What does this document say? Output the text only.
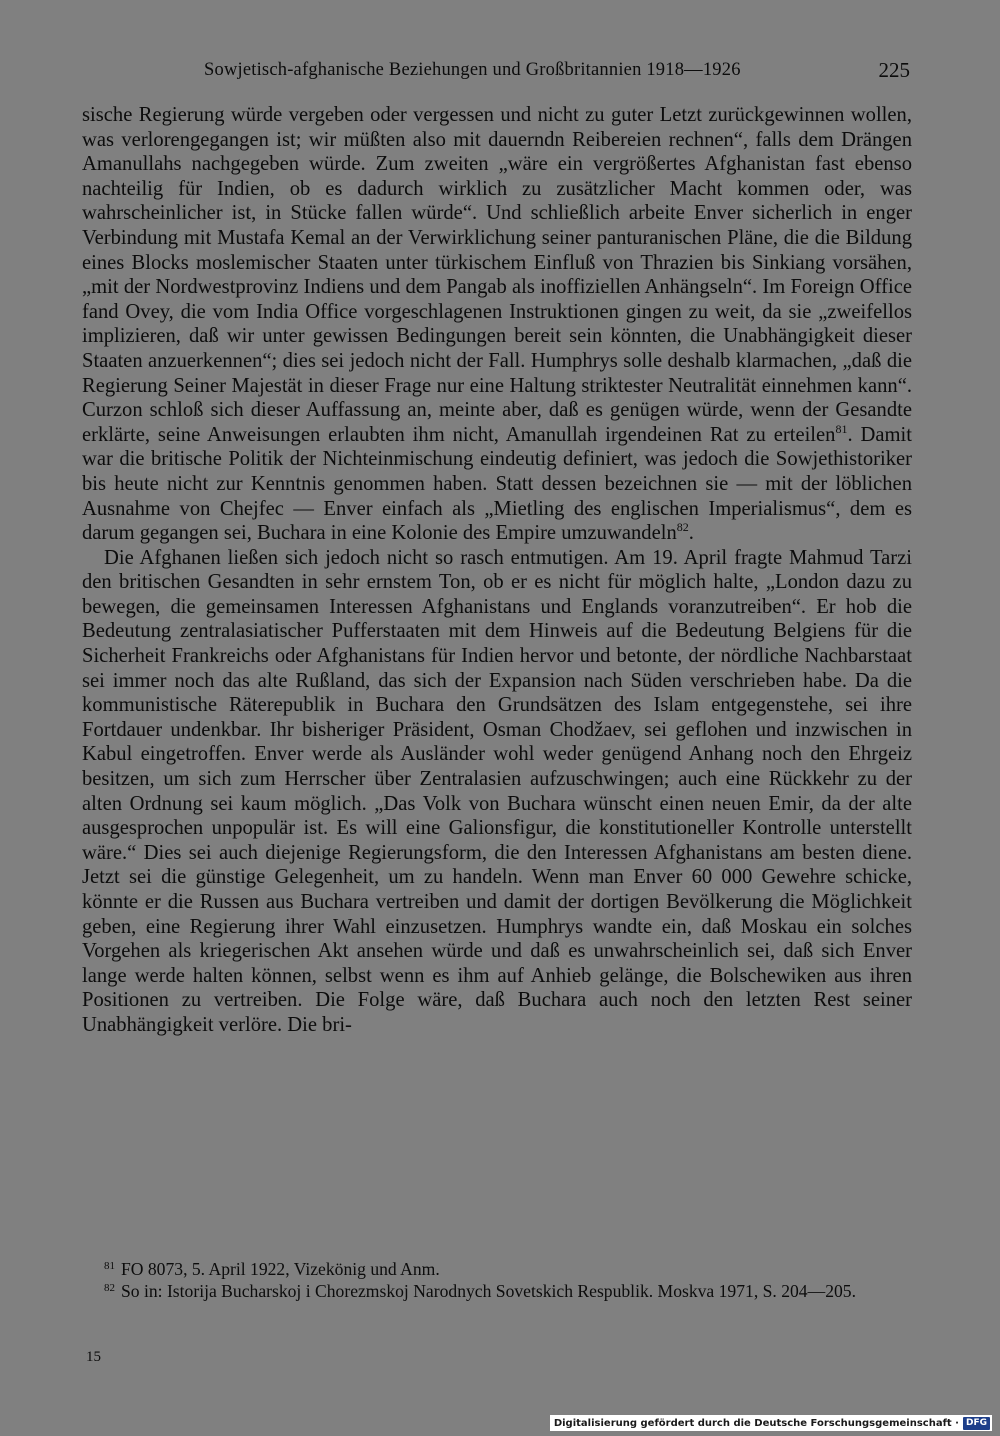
Sowjetisch-afghanische Beziehungen und Großbritannien 1918—1926	225

sische Regierung würde vergeben oder vergessen und nicht zu guter Letzt zurückgewinnen wollen, was verlorengegangen ist; wir müßten also mit dauerndn Reibereien rechnen“, falls dem Drängen Amanullahs nachgegeben würde. Zum zweiten „wäre ein vergrößertes Afghanistan fast ebenso nachteilig für Indien, ob es dadurch wirklich zu zusätzlicher Macht kommen oder, was wahrscheinlicher ist, in Stücke fallen würde“. Und schließlich arbeite Enver sicherlich in enger Verbindung mit Mustafa Kemal an der Verwirklichung seiner panturanischen Pläne, die die Bildung eines Blocks moslemischer Staaten unter türkischem Einfluß von Thrazien bis Sinkiang vorsähen, „mit der Nordwestprovinz Indiens und dem Pangab als inoffiziellen Anhängseln“. Im Foreign Office fand Ovey, die vom India Office vorgeschlagenen Instruktionen gingen zu weit, da sie „zweifellos implizieren, daß wir unter gewissen Bedingungen bereit sein könnten, die Unabhängigkeit dieser Staaten anzuerkennen“; dies sei jedoch nicht der Fall. Humphrys solle deshalb klarmachen, „daß die Regierung Seiner Majestät in dieser Frage nur eine Haltung striktester Neutralität einnehmen kann“. Curzon schloß sich dieser Auffassung an, meinte aber, daß es genügen würde, wenn der Gesandte erklärte, seine Anweisungen erlaubten ihm nicht, Amanullah irgendeinen Rat zu erteilen$^{81}$. Damit war die britische Politik der Nichteinmischung eindeutig definiert, was jedoch die Sowjethistoriker bis heute nicht zur Kenntnis genommen haben. Statt dessen bezeichnen sie — mit der löblichen Ausnahme von Chejfec — Enver einfach als „Mietling des englischen Imperialismus“, dem es darum gegangen sei, Buchara in eine Kolonie des Empire umzuwandeln$^{82}$.

Die Afghanen ließen sich jedoch nicht so rasch entmutigen. Am 19. April fragte Mahmud Tarzi den britischen Gesandten in sehr ernstem Ton, ob er es nicht für möglich halte, „London dazu zu bewegen, die gemeinsamen Interessen Afghanistans und Englands voranzutreiben“. Er hob die Bedeutung zentralasiatischer Pufferstaaten mit dem Hinweis auf die Bedeutung Belgiens für die Sicherheit Frankreichs oder Afghanistans für Indien hervor und betonte, der nördliche Nachbarstaat sei immer noch das alte Rußland, das sich der Expansion nach Süden verschrieben habe. Da die kommunistische Räterepublik in Buchara den Grundsätzen des Islam entgegenstehe, sei ihre Fortdauer undenkbar. Ihr bisheriger Präsident, Osman Chodžaev, sei geflohen und inzwischen in Kabul eingetroffen. Enver werde als Ausländer wohl weder genügend Anhang noch den Ehrgeiz besitzen, um sich zum Herrscher über Zentralasien aufzuschwingen; auch eine Rückkehr zu der alten Ordnung sei kaum möglich. „Das Volk von Buchara wünscht einen neuen Emir, da der alte ausgesprochen unpopulär ist. Es will eine Galionsfigur, die konstitutioneller Kontrolle unterstellt wäre.“ Dies sei auch diejenige Regierungsform, die den Interessen Afghanistans am besten diene. Jetzt sei die günstige Gelegenheit, um zu handeln. Wenn man Enver 60 000 Gewehre schicke, könnte er die Russen aus Buchara vertreiben und damit der dortigen Bevölkerung die Möglichkeit geben, eine Regierung ihrer Wahl einzusetzen. Humphrys wandte ein, daß Moskau ein solches Vorgehen als kriegerischen Akt ansehen würde und daß es unwahrscheinlich sei, daß sich Enver lange werde halten können, selbst wenn es ihm auf Anhieb gelänge, die Bolschewiken aus ihren Positionen zu vertreiben. Die Folge wäre, daß Buchara auch noch den letzten Rest seiner Unabhängigkeit verlöre. Die bri-

$^{81}$ FO 8073, 5. April 1922, Vizekönig und Anm.

$^{82}$ So in: Istorija Bucharskoj i Chorezmskoj Narodnych Sovetskich Respublik. Moskva 1971, S. 204—205.

15
Digitalisierung gefördert durch die Deutsche Forschungsgemeinschaft · DFG
